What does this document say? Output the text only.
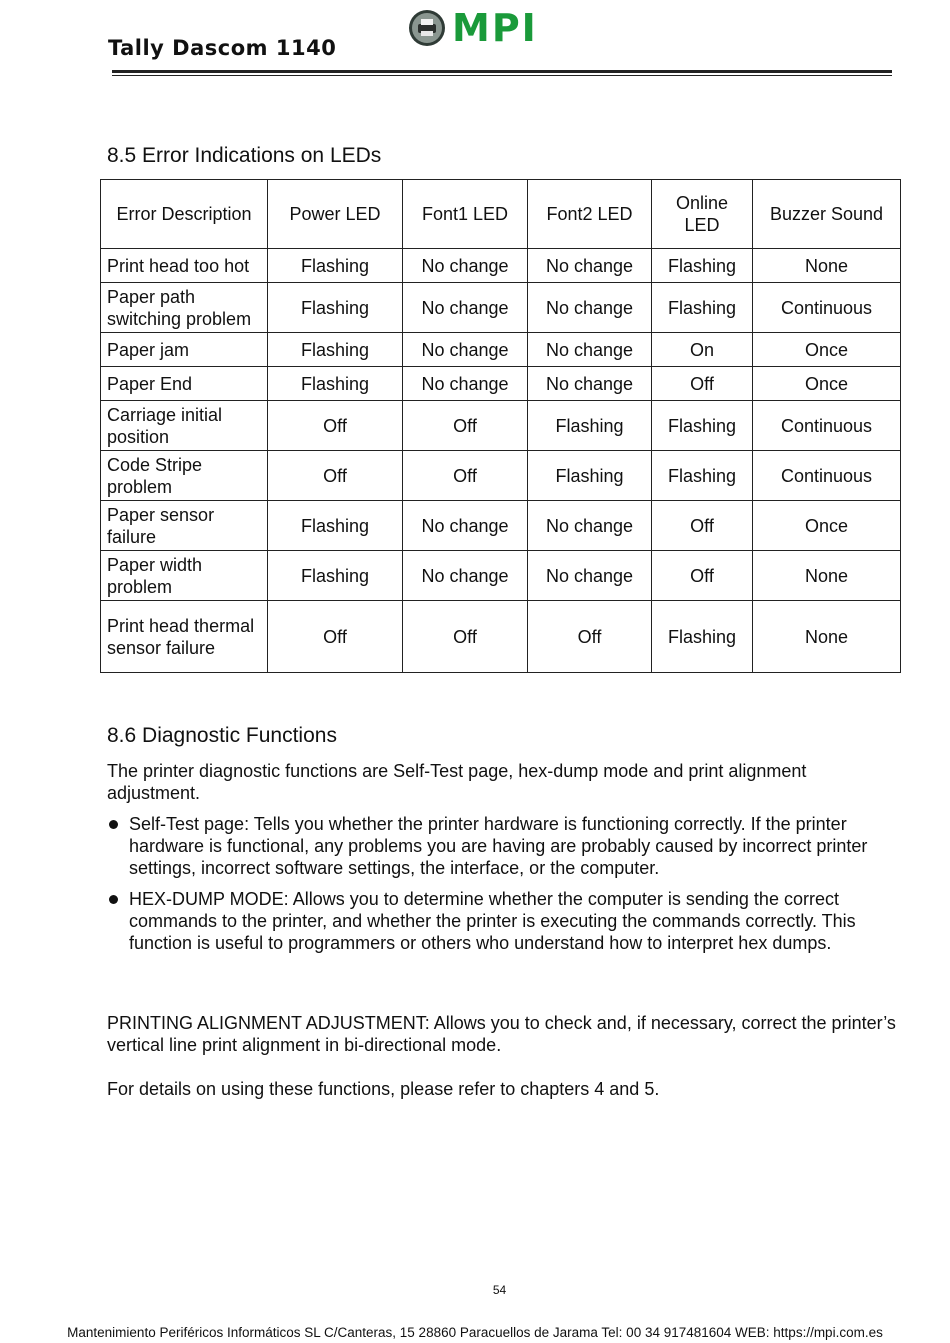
Tally Dascom 1140	MPI
8.5 Error Indications on LEDs
Error Description	Power LED	Font1 LED	Font2 LED	Online LED	Buzzer Sound
Print head too hot	Flashing	No change	No change	Flashing	None
Paper path switching problem	Flashing	No change	No change	Flashing	Continuous
Paper jam	Flashing	No change	No change	On	Once
Paper End	Flashing	No change	No change	Off	Once
Carriage initial position	Off	Off	Flashing	Flashing	Continuous
Code Stripe problem	Off	Off	Flashing	Flashing	Continuous
Paper sensor failure	Flashing	No change	No change	Off	Once
Paper width problem	Flashing	No change	No change	Off	None
Print head thermal sensor failure	Off	Off	Off	Flashing	None
8.6 Diagnostic Functions

The printer diagnostic functions are Self-Test page, hex-dump mode and print alignment adjustment.

Self-Test page: Tells you whether the printer hardware is functioning correctly. If the printer hardware is functional, any problems you are having are probably caused by incorrect printer settings, incorrect software settings, the interface, or the computer.

HEX-DUMP MODE: Allows you to determine whether the computer is sending the correct commands to the printer, and whether the printer is executing the commands correctly. This function is useful to programmers or others who understand how to interpret hex dumps.

PRINTING ALIGNMENT ADJUSTMENT: Allows you to check and, if necessary, correct the printer’s vertical line print alignment in bi-directional mode.

For details on using these functions, please refer to chapters 4 and 5.

54
Mantenimiento Periféricos Informáticos SL C/Canteras, 15 28860 Paracuellos de Jarama Tel: 00 34 917481604 WEB: https://mpi.com.es
